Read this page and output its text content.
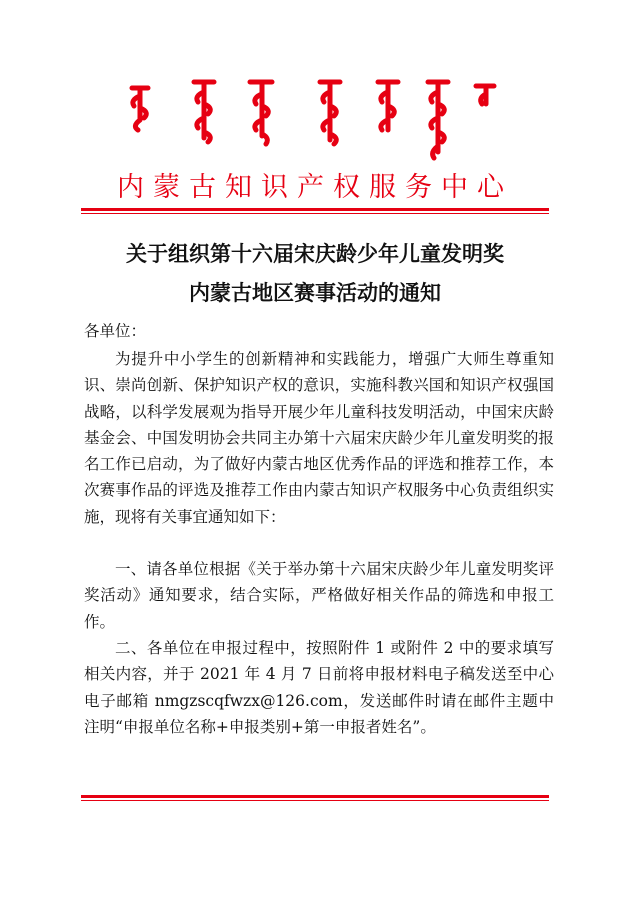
内蒙古知识产权服务中心
关于组织第十六届宋庆龄少年儿童发明奖
内蒙古地区赛事活动的通知
各单位：

为提升中小学生的创新精神和实践能力，增强广大师生尊重知识、崇尚创新、保护知识产权的意识，实施科教兴国和知识产权强国战略，以科学发展观为指导开展少年儿童科技发明活动，中国宋庆龄基金会、中国发明协会共同主办第十六届宋庆龄少年儿童发明奖的报名工作已启动，为了做好内蒙古地区优秀作品的评选和推荐工作，本次赛事作品的评选及推荐工作由内蒙古知识产权服务中心负责组织实施，现将有关事宜通知如下：

一、请各单位根据《关于举办第十六届宋庆龄少年儿童发明奖评奖活动》通知要求，结合实际，严格做好相关作品的筛选和申报工作。

二、各单位在申报过程中，按照附件 1 或附件 2 中的要求填写相关内容，并于 2021 年 4 月 7 日前将申报材料电子稿发送至中心电子邮箱 nmgzscqfwzx@126.com，发送邮件时请在邮件主题中注明“申报单位名称+申报类别+第一申报者姓名”。
